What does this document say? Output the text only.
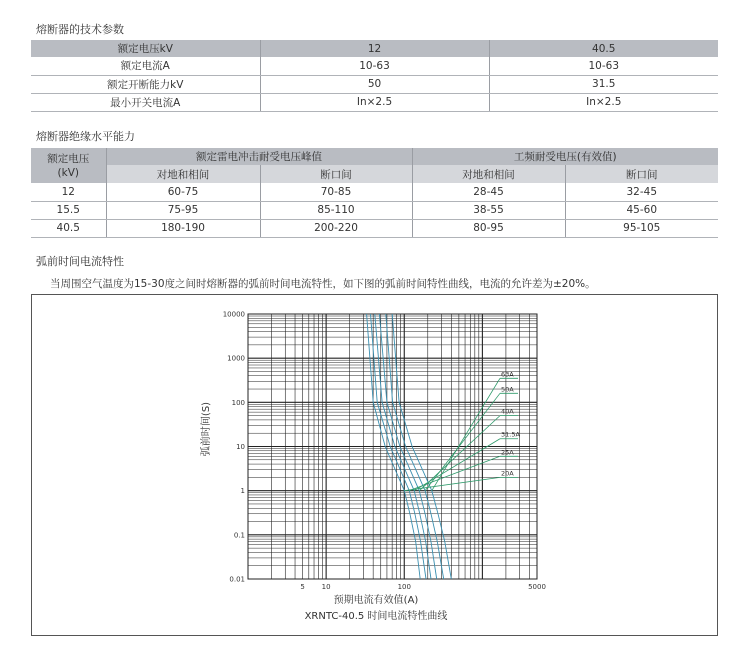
熔断器的技术参数
额定电压kV	12	40.5
额定电流A	10-63	10-63
额定开断能力kV	50	31.5
最小开关电流A	In×2.5	In×2.5
熔断器绝缘水平能力
额定电压
(kV)	额定雷电冲击耐受电压峰值		工频耐受电压(有效值)	
	对地和相间	断口间	对地和相间	断口间
12	60-75	70-85	28-45	32-45
15.5	75-95	85-110	38-55	45-60
40.5	180-190	200-220	80-95	95-105
弧前时间电流特性
当周围空气温度为15-30度之间时熔断器的弧前时间电流特性，如下图的弧前时间特性曲线，电流的允许差为±20%。
5 10	100	5000
10000
1000
100
10
1
0.1
0.01
20A
25A
31.5A
40A
50A
63A
预期电流有效值(A)
XRNTC-40.5 时间电流特性曲线
弧前时间(S)
